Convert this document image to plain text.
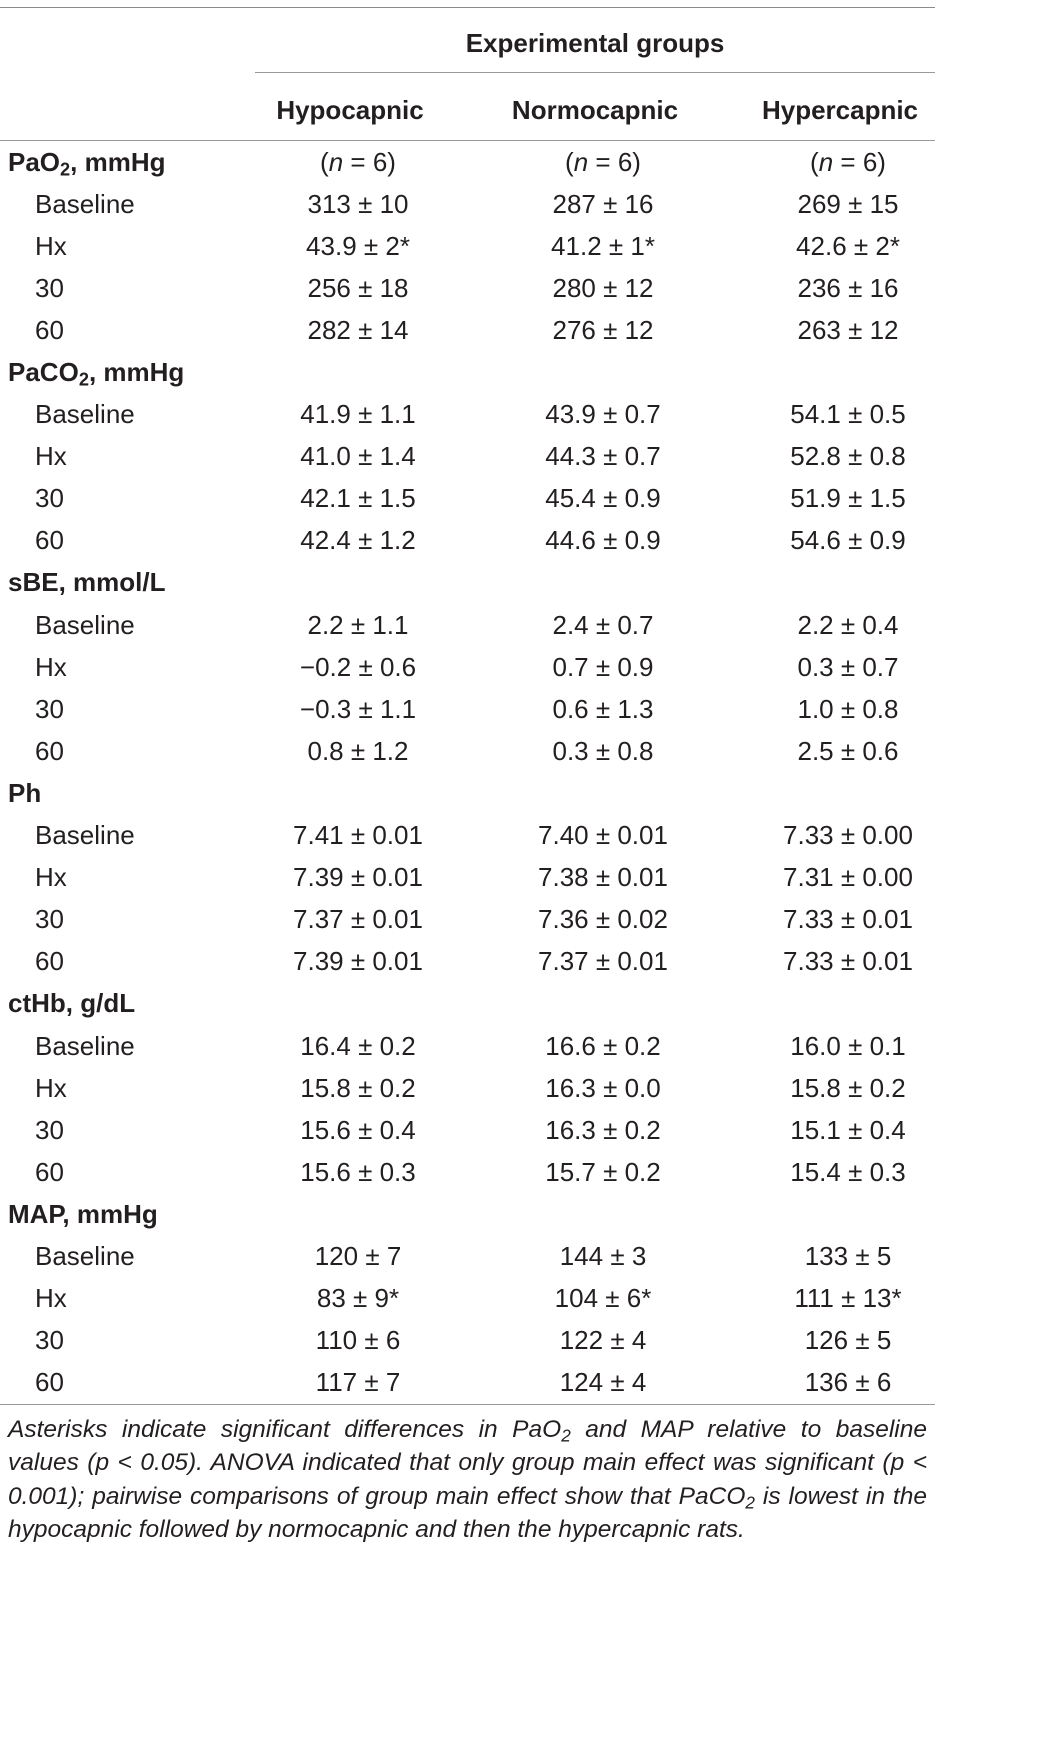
Experimental groups
Hypocapnic	Normocapnic	Hypercapnic
PaO$_2$, mmHg	(n = 6)	(n = 6)	(n = 6)
Baseline	313 ± 10	287 ± 16	269 ± 15
Hx	43.9 ± 2*	41.2 ± 1*	42.6 ± 2*
30	256 ± 18	280 ± 12	236 ± 16
60	282 ± 14	276 ± 12	263 ± 12
PaCO$_2$, mmHg			
Baseline	41.9 ± 1.1	43.9 ± 0.7	54.1 ± 0.5
Hx	41.0 ± 1.4	44.3 ± 0.7	52.8 ± 0.8
30	42.1 ± 1.5	45.4 ± 0.9	51.9 ± 1.5
60	42.4 ± 1.2	44.6 ± 0.9	54.6 ± 0.9
sBE, mmol/L			
Baseline	2.2 ± 1.1	2.4 ± 0.7	2.2 ± 0.4
Hx	−0.2 ± 0.6	0.7 ± 0.9	0.3 ± 0.7
30	−0.3 ± 1.1	0.6 ± 1.3	1.0 ± 0.8
60	0.8 ± 1.2	0.3 ± 0.8	2.5 ± 0.6
Ph			
Baseline	7.41 ± 0.01	7.40 ± 0.01	7.33 ± 0.00
Hx	7.39 ± 0.01	7.38 ± 0.01	7.31 ± 0.00
30	7.37 ± 0.01	7.36 ± 0.02	7.33 ± 0.01
60	7.39 ± 0.01	7.37 ± 0.01	7.33 ± 0.01
ctHb, g/dL			
Baseline	16.4 ± 0.2	16.6 ± 0.2	16.0 ± 0.1
Hx	15.8 ± 0.2	16.3 ± 0.0	15.8 ± 0.2
30	15.6 ± 0.4	16.3 ± 0.2	15.1 ± 0.4
60	15.6 ± 0.3	15.7 ± 0.2	15.4 ± 0.3
MAP, mmHg			
Baseline	120 ± 7	144 ± 3	133 ± 5
Hx	83 ± 9*	104 ± 6*	111 ± 13*
30	110 ± 6	122 ± 4	126 ± 5
60	117 ± 7	124 ± 4	136 ± 6

Asterisks indicate significant differences in PaO$_2$ and MAP relative to baseline values (p < 0.05). ANOVA indicated that only group main effect was significant (p < 0.001); pairwise comparisons of group main effect show that PaCO$_2$ is lowest in the hypocapnic followed by normocapnic and then the hypercapnic rats.
